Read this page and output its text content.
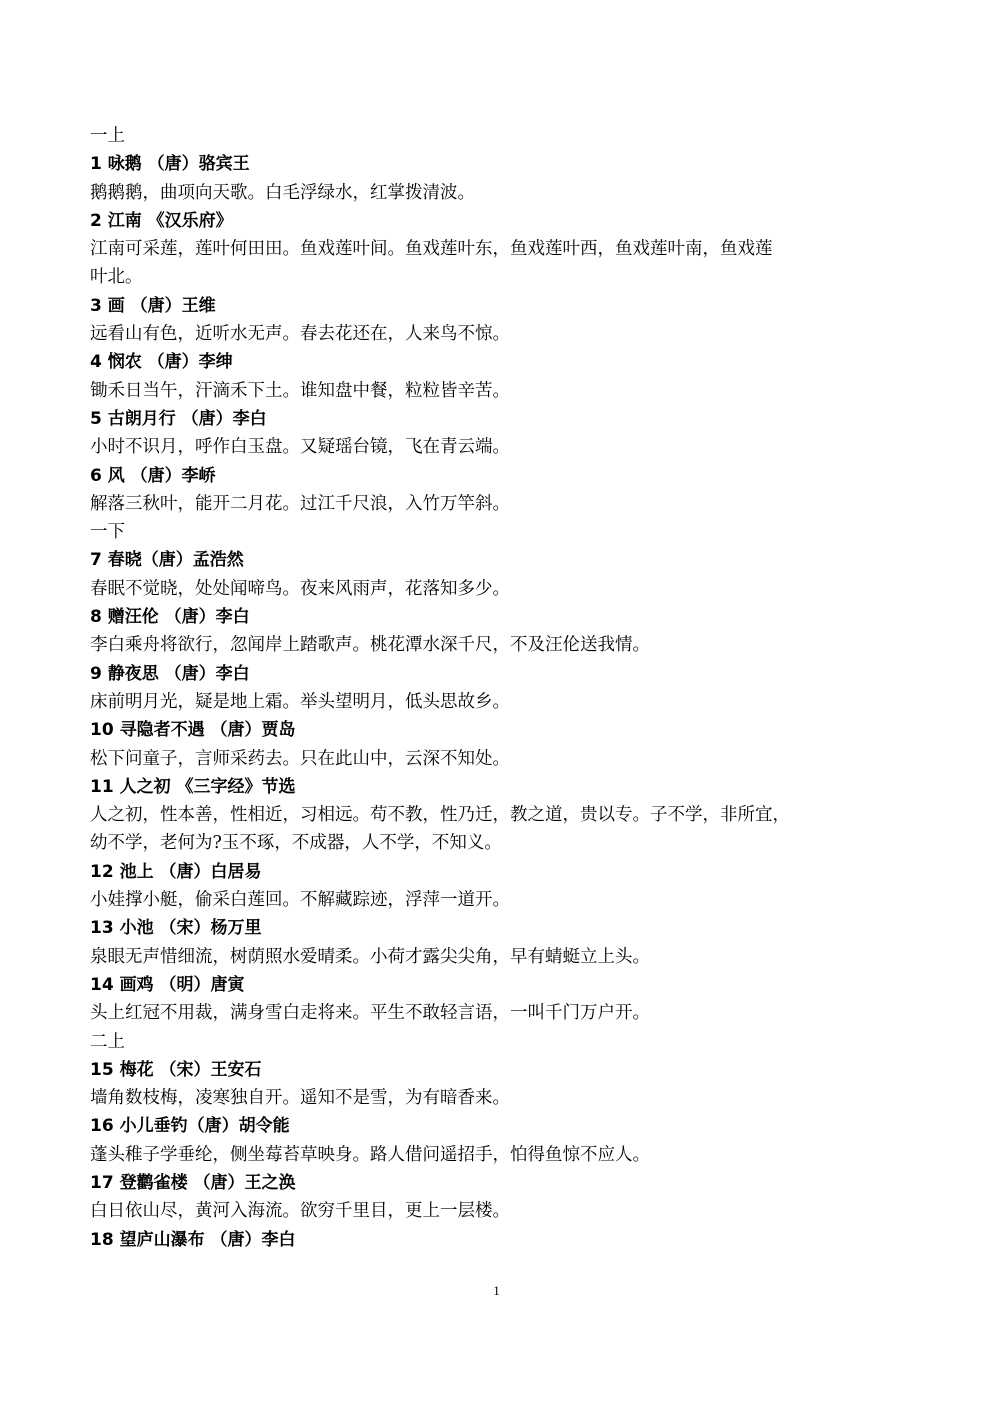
一上
1 咏鹅 （唐）骆宾王
鹅鹅鹅，曲项向天歌。白毛浮绿水，红掌拨清波。
2 江南 《汉乐府》
江南可采莲，莲叶何田田。鱼戏莲叶间。鱼戏莲叶东，鱼戏莲叶西，鱼戏莲叶南，鱼戏莲
叶北。
3 画 （唐）王维
远看山有色，近听水无声。春去花还在，人来鸟不惊。
4 悯农 （唐）李绅
锄禾日当午，汗滴禾下土。谁知盘中餐，粒粒皆辛苦。
5 古朗月行 （唐）李白
小时不识月，呼作白玉盘。又疑瑶台镜，飞在青云端。
6 风 （唐）李峤
解落三秋叶，能开二月花。过江千尺浪，入竹万竿斜。
一下
7 春晓（唐）孟浩然
春眠不觉晓，处处闻啼鸟。夜来风雨声，花落知多少。
8 赠汪伦 （唐）李白
李白乘舟将欲行，忽闻岸上踏歌声。桃花潭水深千尺，不及汪伦送我情。
9 静夜思 （唐）李白
床前明月光，疑是地上霜。举头望明月，低头思故乡。
10 寻隐者不遇 （唐）贾岛
松下问童子，言师采药去。只在此山中，云深不知处。
11 人之初 《三字经》节选
人之初，性本善，性相近，习相远。苟不教，性乃迁，教之道，贵以专。子不学，非所宜，
幼不学，老何为?玉不琢，不成器，人不学，不知义。
12 池上 （唐）白居易
小娃撑小艇，偷采白莲回。不解藏踪迹，浮萍一道开。
13 小池 （宋）杨万里
泉眼无声惜细流，树荫照水爱晴柔。小荷才露尖尖角，早有蜻蜓立上头。
14 画鸡 （明）唐寅
头上红冠不用裁，满身雪白走将来。平生不敢轻言语，一叫千门万户开。
二上
15 梅花 （宋）王安石
墙角数枝梅，凌寒独自开。遥知不是雪，为有暗香来。
16 小儿垂钓（唐）胡令能
蓬头稚子学垂纶，侧坐莓苔草映身。路人借问遥招手，怕得鱼惊不应人。
17 登鹳雀楼 （唐）王之涣
白日依山尽，黄河入海流。欲穷千里目，更上一层楼。
18 望庐山瀑布 （唐）李白
1
